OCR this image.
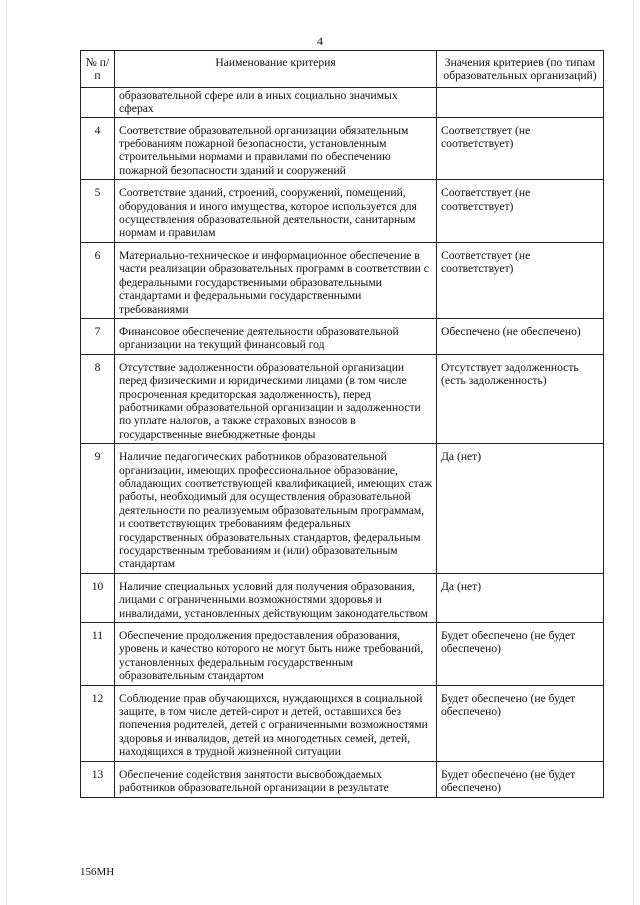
4
№ п/п	Наименование критерия	Значения критериев (по типам образовательных организаций)
	образовательной сфере или в иных социально значимых сферах	
4	Соответствие образовательной организации обязательным требованиям пожарной безопасности, установленным строительными нормами и правилами по обеспечению пожарной безопасности зданий и сооружений	Соответствует (не соответствует)
5	Соответствие зданий, строений, сооружений, помещений, оборудования и иного имущества, которое используется для осуществления образовательной деятельности, санитарным нормам и правилам	Соответствует (не соответствует)
6	Материально-техническое и информационное обеспечение в части реализации образовательных программ в соответствии с федеральными государственными образовательными стандартами и федеральными государственными требованиями	Соответствует (не соответствует)
7	Финансовое обеспечение деятельности образовательной организации на текущий финансовый год	Обеспечено (не обеспечено)
8	Отсутствие задолженности образовательной организации перед физическими и юридическими лицами (в том числе просроченная кредиторская задолженность), перед работниками образовательной организации и задолженности по уплате налогов, а также страховых взносов в государственные внебюджетные фонды	Отсутствует задолженность (есть задолженность)
9	Наличие педагогических работников образовательной организации, имеющих профессиональное образование, обладающих соответствующей квалификацией, имеющих стаж работы, необходимый для осуществления образовательной деятельности по реализуемым образовательным программам, и соответствующих требованиям федеральных государственных образовательных стандартов, федеральным государственным требованиям и (или) образовательным стандартам	Да (нет)
10	Наличие специальных условий для получения образования, лицами с ограниченными возможностями здоровья и инвалидами, установленных действующим законодательством	Да (нет)
11	Обеспечение продолжения предоставления образования, уровень и качество которого не могут быть ниже требований, установленных федеральным государственным образовательным стандартом	Будет обеспечено (не будет обеспечено)
12	Соблюдение прав обучающихся, нуждающихся в социальной защите, в том числе детей-сирот и детей, оставшихся без попечения родителей, детей с ограниченными возможностями здоровья и инвалидов, детей из многодетных семей, детей, находящихся в трудной жизненной ситуации	Будет обеспечено (не будет обеспечено)
13	Обеспечение содействия занятости высвобождаемых работников образовательной организации в результате	Будет обеспечено (не будет обеспечено)
156МН
